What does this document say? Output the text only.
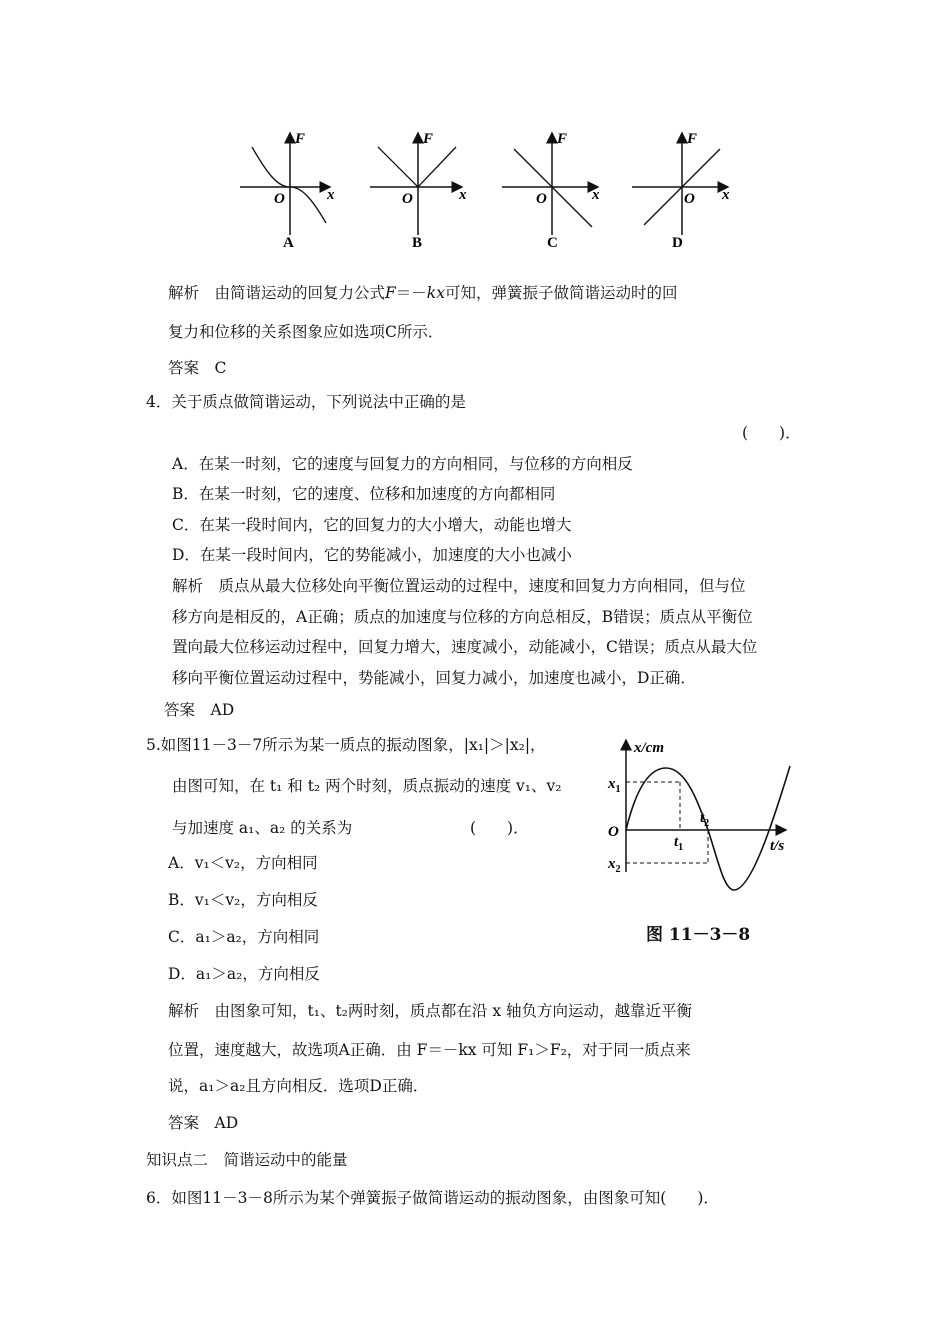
F
x
O
A
F
x
O
B
F
x
O
C
F
x
O
D
解析　由简谐运动的回复力公式F＝－kx可知，弹簧振子做简谐运动时的回
复力和位移的关系图象应如选项C所示．
答案　C
4．关于质点做简谐运动，下列说法中正确的是
(　　)．
A．在某一时刻，它的速度与回复力的方向相同，与位移的方向相反
B．在某一时刻，它的速度、位移和加速度的方向都相同
C．在某一段时间内，它的回复力的大小增大，动能也增大
D．在某一段时间内，它的势能减小，加速度的大小也减小
解析　质点从最大位移处向平衡位置运动的过程中，速度和回复力方向相同，但与位
移方向是相反的，A正确；质点的加速度与位移的方向总相反，B错误；质点从平衡位
置向最大位移运动过程中，回复力增大，速度减小，动能减小，C错误；质点从最大位
移向平衡位置运动过程中，势能减小，回复力减小，加速度也减小，D正确．
答案　AD
5.如图11－3－7所示为某一质点的振动图象，|x₁|＞|x₂|，
由图可知，在 t₁ 和 t₂ 两个时刻，质点振动的速度 v₁、v₂
与加速度 a₁、a₂ 的关系为	(　　)．
A．v₁＜v₂，方向相同
B．v₁＜v₂，方向相反
C．a₁＞a₂，方向相同
D．a₁＞a₂，方向相反
解析　由图象可知，t₁、t₂两时刻，质点都在沿 x 轴负方向运动，越靠近平衡
位置，速度越大，故选项A正确．由 F＝－kx 可知 F₁＞F₂，对于同一质点来
说，a₁＞a₂且方向相反．选项D正确．
答案　AD
x/cm
t/s
O
$x_1$
$x_2$
$t_1$
$t_2$
图 11－3－8
知识点二　简谐运动中的能量
6．如图11－3－8所示为某个弹簧振子做简谐运动的振动图象，由图象可知(　　)．
